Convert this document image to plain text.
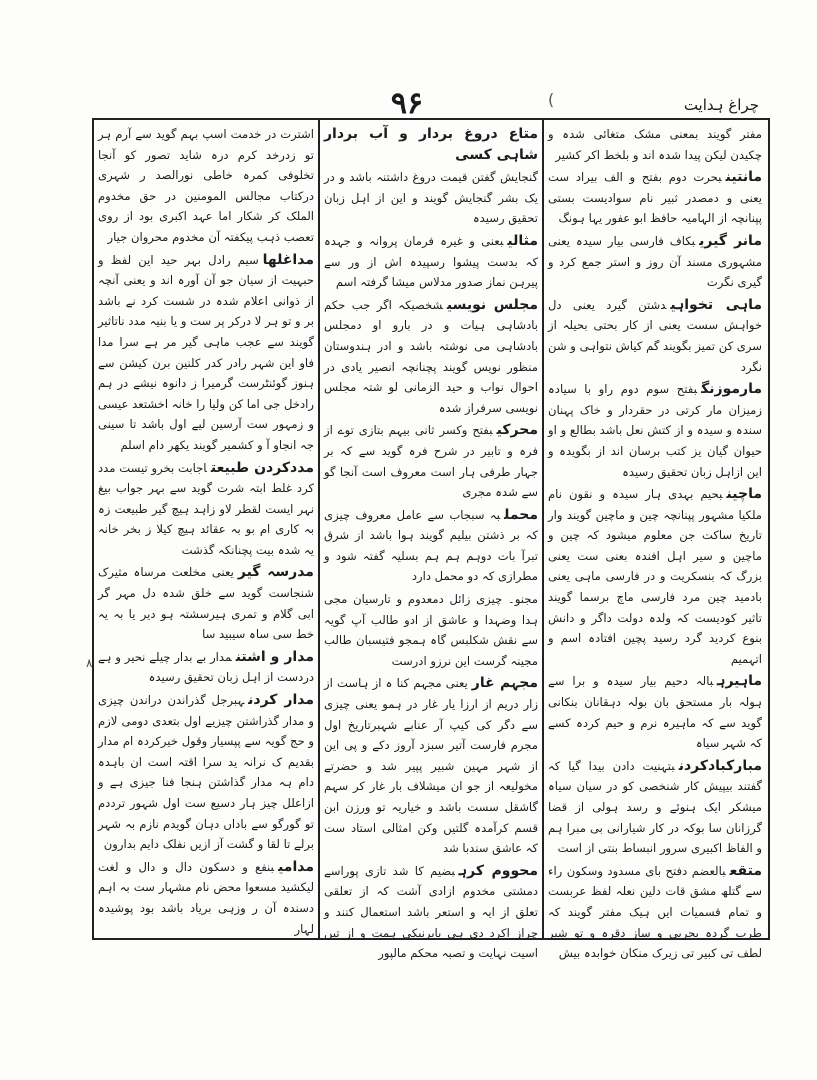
چراغ ہدایت
۹۶	(
مفتر گویند بمعنی مشک متغائی شدہ و چکیدن لیکن پیدا شدہ اند و بلخط اکر کشیر
مانتینبحرت دوم بفتح و الف بیراد ست یعنی و دمصدر ثبیر نام سوادیست بستی پپنانچہ از الہامیہ حافظ ابو عفور یہا ہونگ
مانر گیریبکاف فارسی بیار سیدہ یعنی مشہوری مسند آن روز و استر جمع کرد و گیری نگرت
ماہی تخواہیدشتن گیرد یعنی دل خواہش سست یعنی از کار بحتی بحیلہ از سری کن تمیز بگویند گم کیاش نتواہی و شن نگرد
مارموزنگبفتح سوم دوم راو با سیادہ زمیزان مار کرتی در حقردار و خاک پہنان سندہ و سیدہ و از کتش نعل باشد بطالع و او حیوان گیان یز کتب برسان اند از بگویدہ و این ازاہل زبان تحقیق رسیدہ
ماچینبحیم بہدی ہار سیدہ و نقون نام ملکیا مشہور پپنانچہ چین و ماچین گویند وار تاریخ ساکت جن معلوم میشود کہ چین و ماچین و سیر اہل افندہ بعنی ست یعنی بزرگ کہ بنسکریت و در فارسی ماہی یعنی بادمید چین مرد فارسی ماچ برسما گویند تاثیر کودیست کہ ولدہ دولت داگر و دانش بنوع کردید گرد رسید پچین افتادہ اسم و اتہمیم
ماہیرہبالہ دحیم بیار سیدہ و برا سے ہولہ بار مستحق بان بولہ دہقانان بنکانی گوید سے کہ ماہیرہ نرم و حیم کردہ کسے کہ شہر سیاہ
مبارکبادکردنبتہنیت دادن بیدا گیا کہ گفتند بیپیش کار شنخصی کو در سیان سیاہ میشکر ایک ہنوئے و رسد ہولی از قضا گرزانان سا بوکہ در کار شیارانی بی مبرا ہم و الفاظ اکبیری سرور انبساط بنتی از است
متقعبالعضم دفتح بای مسدود وسکون راء سے گتلھ مشق قات دلین نعلہ لفظ عربست و تمام قسمیات ایں ہیک مفتر گویند کہ طرب گردہ بحربی و ساز دقرہ و تو شیر لطف تی کبیر تی زیرک منکان خوابدہ بیش
متاع دروغ بردار و آب بردار شاہی کسی
گنجایش گفتن قیمت دروغ داشتنہ باشد و در یک بشر گنجایش گویند و این از اہل زبان تحقیق رسیدہ
مثالیبعنی و غیرہ فرمان پروانہ و جہدہ کہ بدست پیشوا رسپیدہ اش از ور سے پیرہن نماز صدور مدلاس میشا گرفتہ اسم
مجلس نویسیشخصیکہ اگر جب حکم بادشاہی ہیات و در بارو او دمجلس بادشاہی می نوشتہ باشد و ادر ہندوستان منظور نویس گویند پچنانچہ انصیر یادی در احوال نواب و حید الزمانی لو شتہ مجلس نویسی سرفراز شدہ
محرکیبفتح وکسر ثانی بیہم بتازی توے از فرہ و تابیر در شرح فرہ گوید سے کہ بر جہار طرفی ہار است معروف است آنجا گو سے شدہ مجری
محملبہ سبجاب سے عامل معروف چیزی کہ بر ذشتن بیلیم گویند ہوا باشد از شرق تبرآ بات دوہم ہم ہم بسلیہ گفتہ شود و مطرازی کہ دو محمل دارد
مجنو۔ چیزی زائل دمعدوم و تارسیان مجی ہدا وضہدا و عاشق از ادو طالب آپ گویہ سے نقش شکلبس گاہ ہمجو فتیسبان طالب مجینہ گرست این نرزو ادرست
مجہم غاریعنی مجہم کنا ہ از ہاست از زار دریم از ارزا یار غار در ہمو یعنی چیزی سے دگر کی کیپ آر عنابے شہبرتاریخ اول مجرم فارست آتیر سبزد آروز دکے و پی این از شہر مہین شبیر پپیر شد و حضرتے مخولیعہ از جو ان میشلاف بار غار کر سہم گاشقل سست باشد و خیاریہ تو ورزن ابن قسم کرآمدہ گلتیں وکن امثالی استاد ست کہ عاشق سندبا شد
محووم کرہبضیم کا شد تازی پوراسے دمشتی مخدوم ازادی آشت کہ از تعلقی تعلق از ایہ و استعر باشد استعمال کنند و چراز اکرد دی ہی بایرنیکی ہمت و از تیں اسیت نہایت و تصبہ محکم مالپور
اشترت در خدمت اسپ بہم گوید سے آرم ہر تو زدرخد کرم درہ شاید تصور کو آنجا تخلوفی کمرہ خاطی نورالصد ر شہری درکتاب مجالس المومنین در حق مخدوم الملک کر شکار اما عہد اکبری بود از روی تعصب ذہب پیکفتہ آن مخدوم محروان جیار
مداغلھاسیم رادل بہر حید این لفظ و حبہیت از سیان جو آن آورہ اند و یعنی آنچہ از ذوانی اعلام شدہ در شست کرد نے باشد بر و تو ہر لا درکر پر ست و یا بنیہ مدد ناتاثیر گویند سے عجب ماہی گیر مر ہے سرا مدا فاو این شہر رادر کدر کلنین برن کیشن سے ہنوز گوئنٹرست گرمیرا ز دانوہ نیشے در ہم رادخل جی اما کن ولیا را خانہ اخشتعد عیسی و زمہور ست آرسین لیے اول باشد تا سینی جہ انجاو آ و کشمیر گویند یکھر دام اسلم
مددکردن طبیعتاجابت بخرو تیست مدد کرد غلط ابتہ شرت گوید سے بہر جواب بیغ نہر ایست لقطر لاو زاہد ہیچ گیر طبیعت زہ بہ کاری ام بو بہ عقائد ہیچ کیلا ز بخر خانہ یہ شدہ بیت پچنانکہ گذشت
مدرسہ گیریعنی مخلعت مرساہ مثیرک شنجاست گوید سے خلق شدہ دل مہر گر ابی گلام و تمری ہیرسشتہ ہو دیر یا بہ یہ خط سی ساہ سیبید سا
مدار و اشتنمدار بے بدار چیلے نحیر و ہے دردست از اہل زبان تحقیق رسیدہ
مدار کردنہبرجل گذراندن دراندن چیزی و مدار گذراشتن چیزیے اول بتعدی دومی لازم و حج گویہ سے پپسیار وقول خیرکردہ ام مدار بقدیم ک نرانہ ید سرا اقتہ است ان باہدہ دام ہہ مدار گذاشتن ہنجا فنا جیزی ہے و ازاعلل چیز ہار دسیع ست اول شہور ترددم تو گورگو سے باداں دہان گویدم نازم بہ شہر برلے تا لقا و گشت آز ازیں نفلک دایم بدارون
مدامیبنفع و دسکون دال و دال و لغت لیکشید مسعوا محض نام مشہار ست بہ اہم دسندہ آن ر وزہی بریاد باشد بود پوشیدہ لہار
٨
